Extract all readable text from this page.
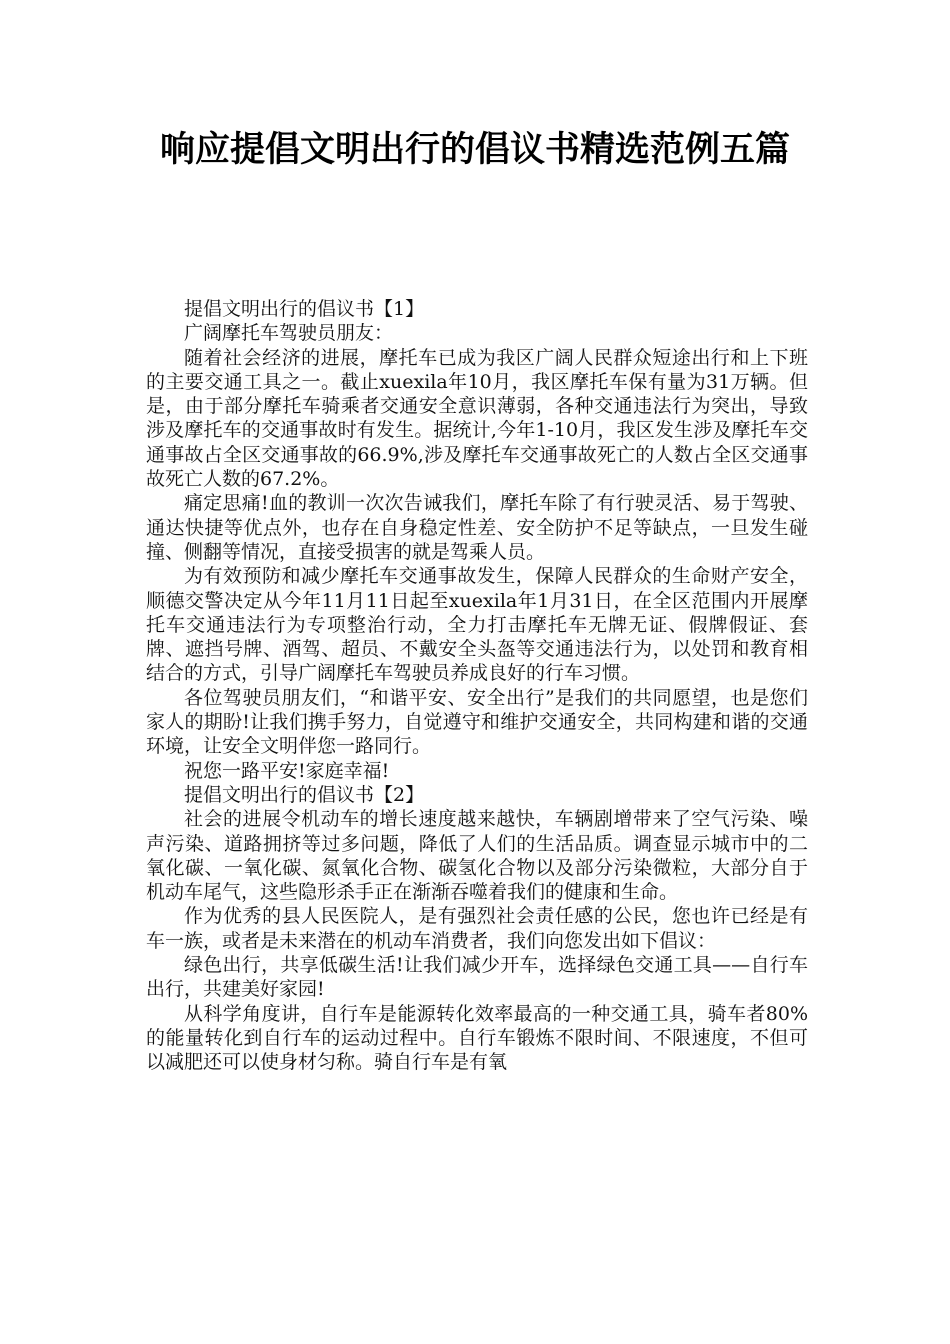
响应提倡文明出行的倡议书精选范例五篇

提倡文明出行的倡议书【1】

广阔摩托车驾驶员朋友：

随着社会经济的进展，摩托车已成为我区广阔人民群众短途出行和上下班的主要交通工具之一。截止xuexila年10月，我区摩托车保有量为31万辆。但是，由于部分摩托车骑乘者交通安全意识薄弱，各种交通违法行为突出，导致涉及摩托车的交通事故时有发生。据统计,今年1-10月，我区发生涉及摩托车交通事故占全区交通事故的66.9%,涉及摩托车交通事故死亡的人数占全区交通事故死亡人数的67.2%。

痛定思痛!血的教训一次次告诫我们，摩托车除了有行驶灵活、易于驾驶、通达快捷等优点外，也存在自身稳定性差、安全防护不足等缺点，一旦发生碰撞、侧翻等情况，直接受损害的就是驾乘人员。

为有效预防和减少摩托车交通事故发生，保障人民群众的生命财产安全，顺德交警决定从今年11月11日起至xuexila年1月31日，在全区范围内开展摩托车交通违法行为专项整治行动，全力打击摩托车无牌无证、假牌假证、套牌、遮挡号牌、酒驾、超员、不戴安全头盔等交通违法行为，以处罚和教育相结合的方式，引导广阔摩托车驾驶员养成良好的行车习惯。

各位驾驶员朋友们，“和谐平安、安全出行”是我们的共同愿望，也是您们家人的期盼!让我们携手努力，自觉遵守和维护交通安全，共同构建和谐的交通环境，让安全文明伴您一路同行。

祝您一路平安!家庭幸福!

提倡文明出行的倡议书【2】

社会的进展令机动车的增长速度越来越快，车辆剧增带来了空气污染、噪声污染、道路拥挤等过多问题，降低了人们的生活品质。调查显示城市中的二氧化碳、一氧化碳、氮氧化合物、碳氢化合物以及部分污染微粒，大部分自于机动车尾气，这些隐形杀手正在渐渐吞噬着我们的健康和生命。

作为优秀的县人民医院人，是有强烈社会责任感的公民，您也许已经是有车一族，或者是未来潜在的机动车消费者，我们向您发出如下倡议：

绿色出行，共享低碳生活!让我们减少开车，选择绿色交通工具——自行车出行，共建美好家园!

从科学角度讲，自行车是能源转化效率最高的一种交通工具，骑车者80%的能量转化到自行车的运动过程中。自行车锻炼不限时间、不限速度，不但可以减肥还可以使身材匀称。骑自行车是有氧
